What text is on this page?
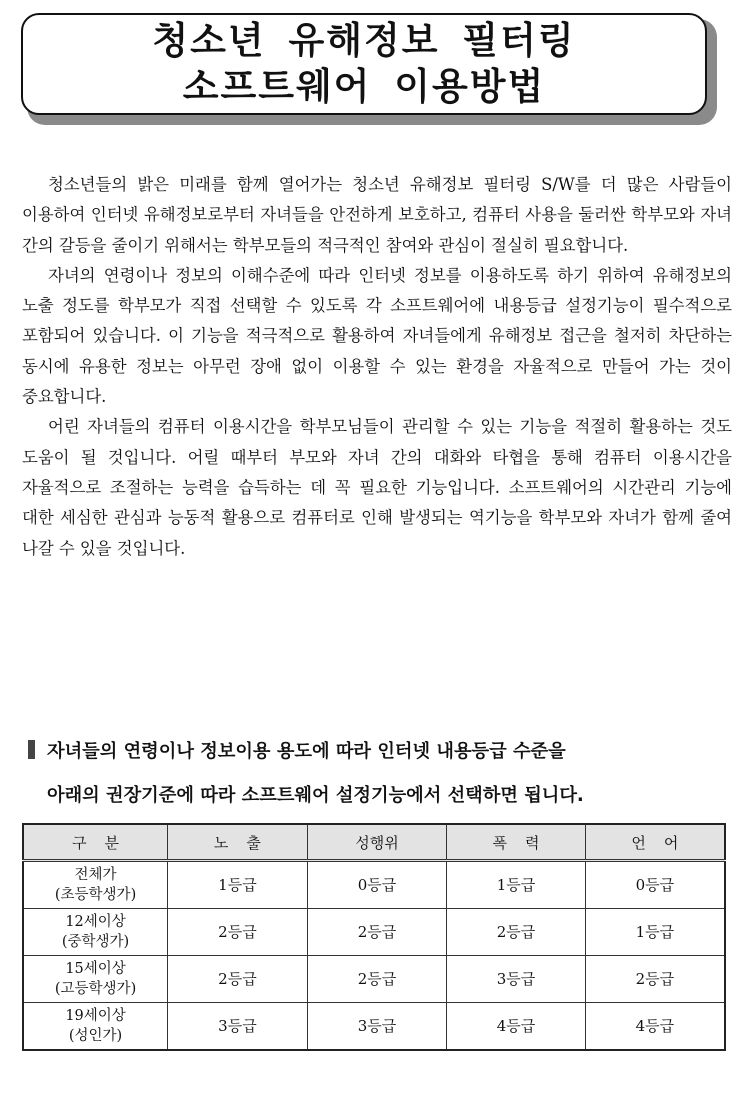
청소년 유해정보 필터링
소프트웨어 이용방법

청소년들의 밝은 미래를 함께 열어가는 청소년 유해정보 필터링 S/W를 더 많은 사람들이 이용하여 인터넷 유해정보로부터 자녀들을 안전하게 보호하고, 컴퓨터 사용을 둘러싼 학부모와 자녀 간의 갈등을 줄이기 위해서는 학부모들의 적극적인 참여와 관심이 절실히 필요합니다.

자녀의 연령이나 정보의 이해수준에 따라 인터넷 정보를 이용하도록 하기 위하여 유해정보의 노출 정도를 학부모가 직접 선택할 수 있도록 각 소프트웨어에 내용등급 설정기능이 필수적으로 포함되어 있습니다. 이 기능을 적극적으로 활용하여 자녀들에게 유해정보 접근을 철저히 차단하는 동시에 유용한 정보는 아무런 장애 없이 이용할 수 있는 환경을 자율적으로 만들어 가는 것이 중요합니다.

어린 자녀들의 컴퓨터 이용시간을 학부모님들이 관리할 수 있는 기능을 적절히 활용하는 것도 도움이 될 것입니다. 어릴 때부터 부모와 자녀 간의 대화와 타협을 통해 컴퓨터 이용시간을 자율적으로 조절하는 능력을 습득하는 데 꼭 필요한 기능입니다. 소프트웨어의 시간관리 기능에 대한 세심한 관심과 능동적 활용으로 컴퓨터로 인해 발생되는 역기능을 학부모와 자녀가 함께 줄여 나갈 수 있을 것입니다.

자녀들의 연령이나 정보이용 용도에 따라 인터넷 내용등급 수준을
아래의 권장기준에 따라 소프트웨어 설정기능에서 선택하면 됩니다.
구분	노출	성행위	폭력	언어
전체가
(초등학생가)	1등급	0등급	1등급	0등급
12세이상
(중학생가)	2등급	2등급	2등급	1등급
15세이상
(고등학생가)	2등급	2등급	3등급	2등급
19세이상
(성인가)	3등급	3등급	4등급	4등급
